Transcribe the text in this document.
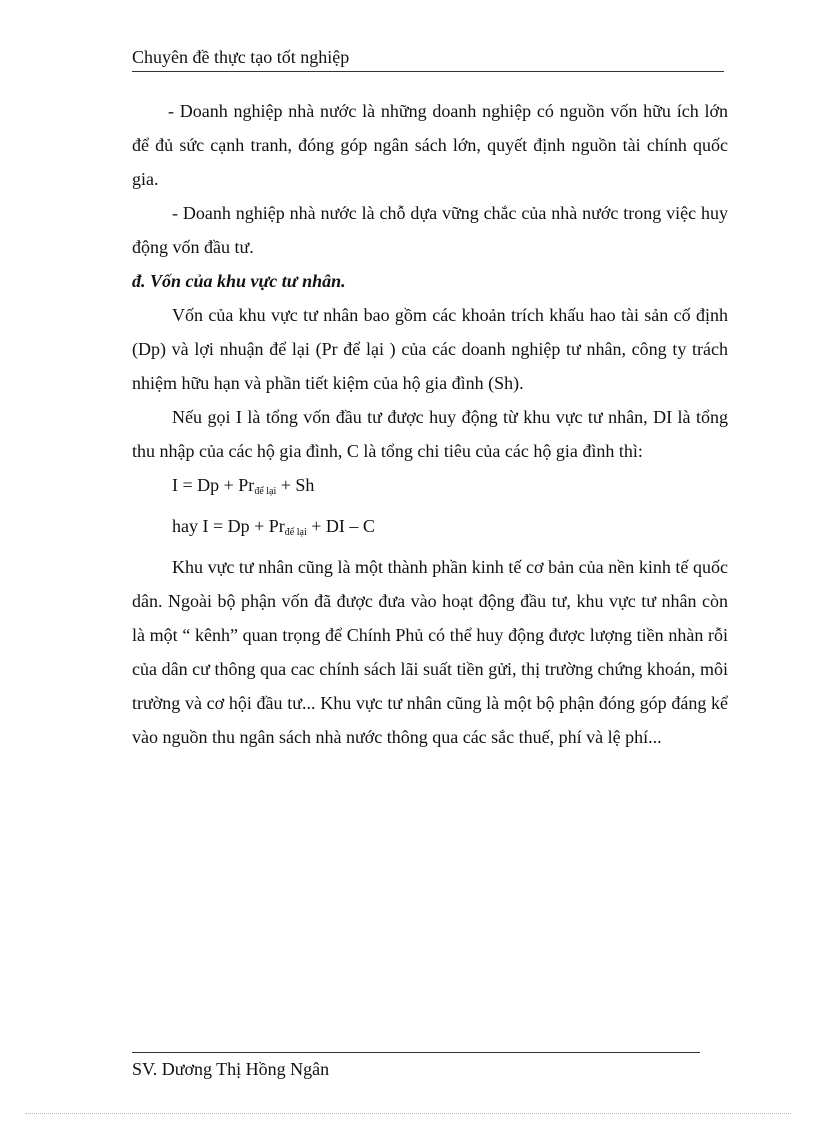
Chuyên đề thực tạo tốt nghiệp

- Doanh nghiệp nhà nước là những doanh nghiệp có nguồn vốn hữu ích lớn để đủ sức cạnh tranh, đóng góp ngân sách lớn, quyết định nguồn tài chính quốc gia.

- Doanh nghiệp nhà nước là chỗ dựa vững chắc của nhà nước trong việc huy động vốn đầu tư.

đ. Vốn của khu vực tư nhân.

Vốn của khu vực tư nhân bao gồm các khoản trích khấu hao tài sản cố định (Dp) và lợi nhuận để lại (Pr để lại ) của các doanh nghiệp tư nhân, công ty trách nhiệm hữu hạn và phần tiết kiệm của hộ gia đình (Sh).

Nếu gọi I là tổng vốn đầu tư được huy động từ khu vực tư nhân, DI là tổng thu nhập của các hộ gia đình, C là tổng chi tiêu của các hộ gia đình thì:

$I = Dp + Pr_{để lại} + Sh$

hay $I = Dp + Pr_{để lại}$ + DI – C

Khu vực tư nhân cũng là một thành phần kinh tế cơ bản của nền kinh tế quốc dân. Ngoài bộ phận vốn đã được đưa vào hoạt động đầu tư, khu vực tư nhân còn là một “ kênh” quan trọng để Chính Phủ có thể huy động được lượng tiền nhàn rỗi của dân cư thông qua cac chính sách lãi suất tiền gửi, thị trường chứng khoán, môi trường và cơ hội đầu tư... Khu vực tư nhân cũng là một bộ phận đóng góp đáng kể vào nguồn thu ngân sách nhà nước thông qua các sắc thuế, phí và lệ phí...

SV. Dương Thị Hồng Ngân
